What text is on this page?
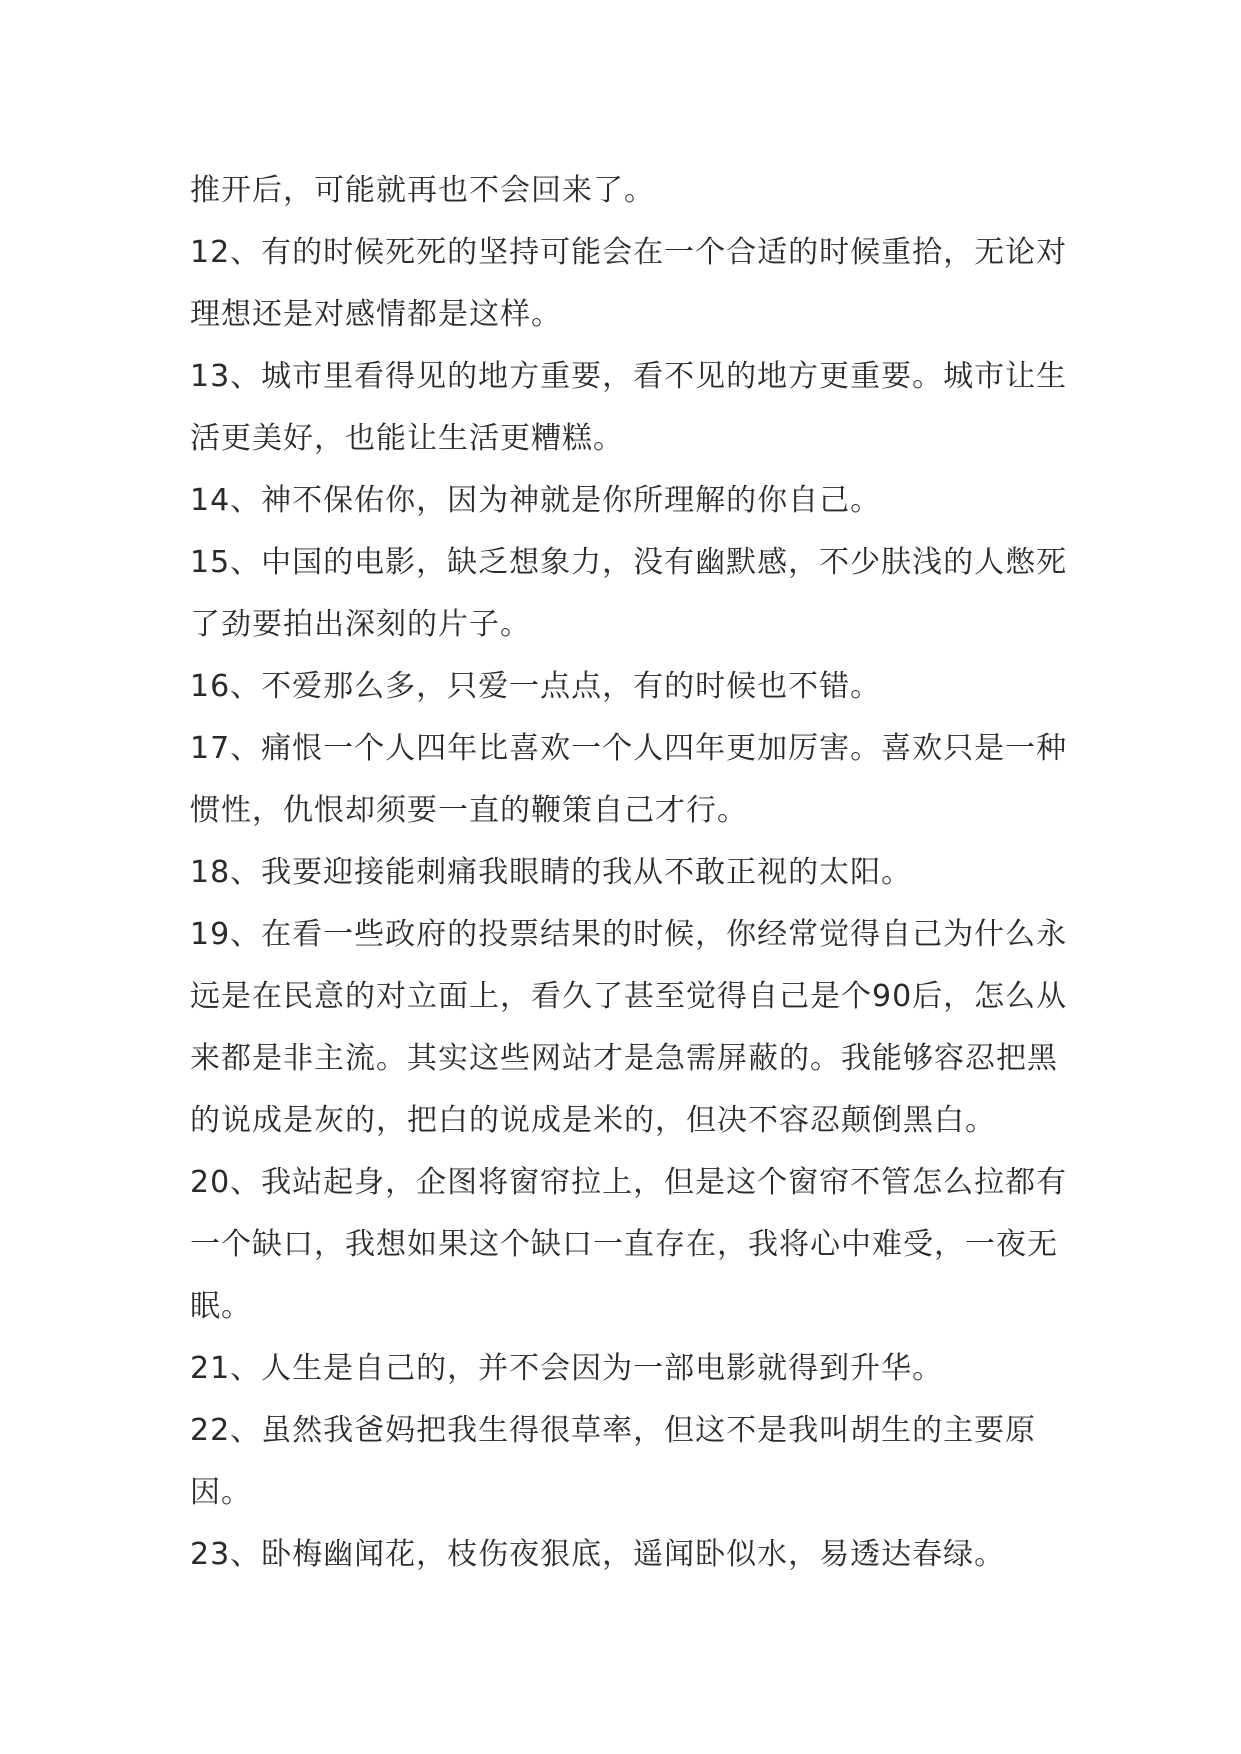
推开后，可能就再也不会回来了。

12、有的时候死死的坚持可能会在一个合适的时候重拾，无论对理想还是对感情都是这样。

13、城市里看得见的地方重要，看不见的地方更重要。城市让生活更美好，也能让生活更糟糕。

14、神不保佑你，因为神就是你所理解的你自己。

15、中国的电影，缺乏想象力，没有幽默感，不少肤浅的人憋死了劲要拍出深刻的片子。

16、不爱那么多，只爱一点点，有的时候也不错。

17、痛恨一个人四年比喜欢一个人四年更加厉害。喜欢只是一种惯性，仇恨却须要一直的鞭策自己才行。

18、我要迎接能刺痛我眼睛的我从不敢正视的太阳。

19、在看一些政府的投票结果的时候，你经常觉得自己为什么永远是在民意的对立面上，看久了甚至觉得自己是个90后，怎么从来都是非主流。其实这些网站才是急需屏蔽的。我能够容忍把黑的说成是灰的，把白的说成是米的，但决不容忍颠倒黑白。

20、我站起身，企图将窗帘拉上，但是这个窗帘不管怎么拉都有一个缺口，我想如果这个缺口一直存在，我将心中难受，一夜无眠。

21、人生是自己的，并不会因为一部电影就得到升华。

22、虽然我爸妈把我生得很草率，但这不是我叫胡生的主要原因。

23、卧梅幽闻花，枝伤夜狠底，遥闻卧似水，易透达春绿。
